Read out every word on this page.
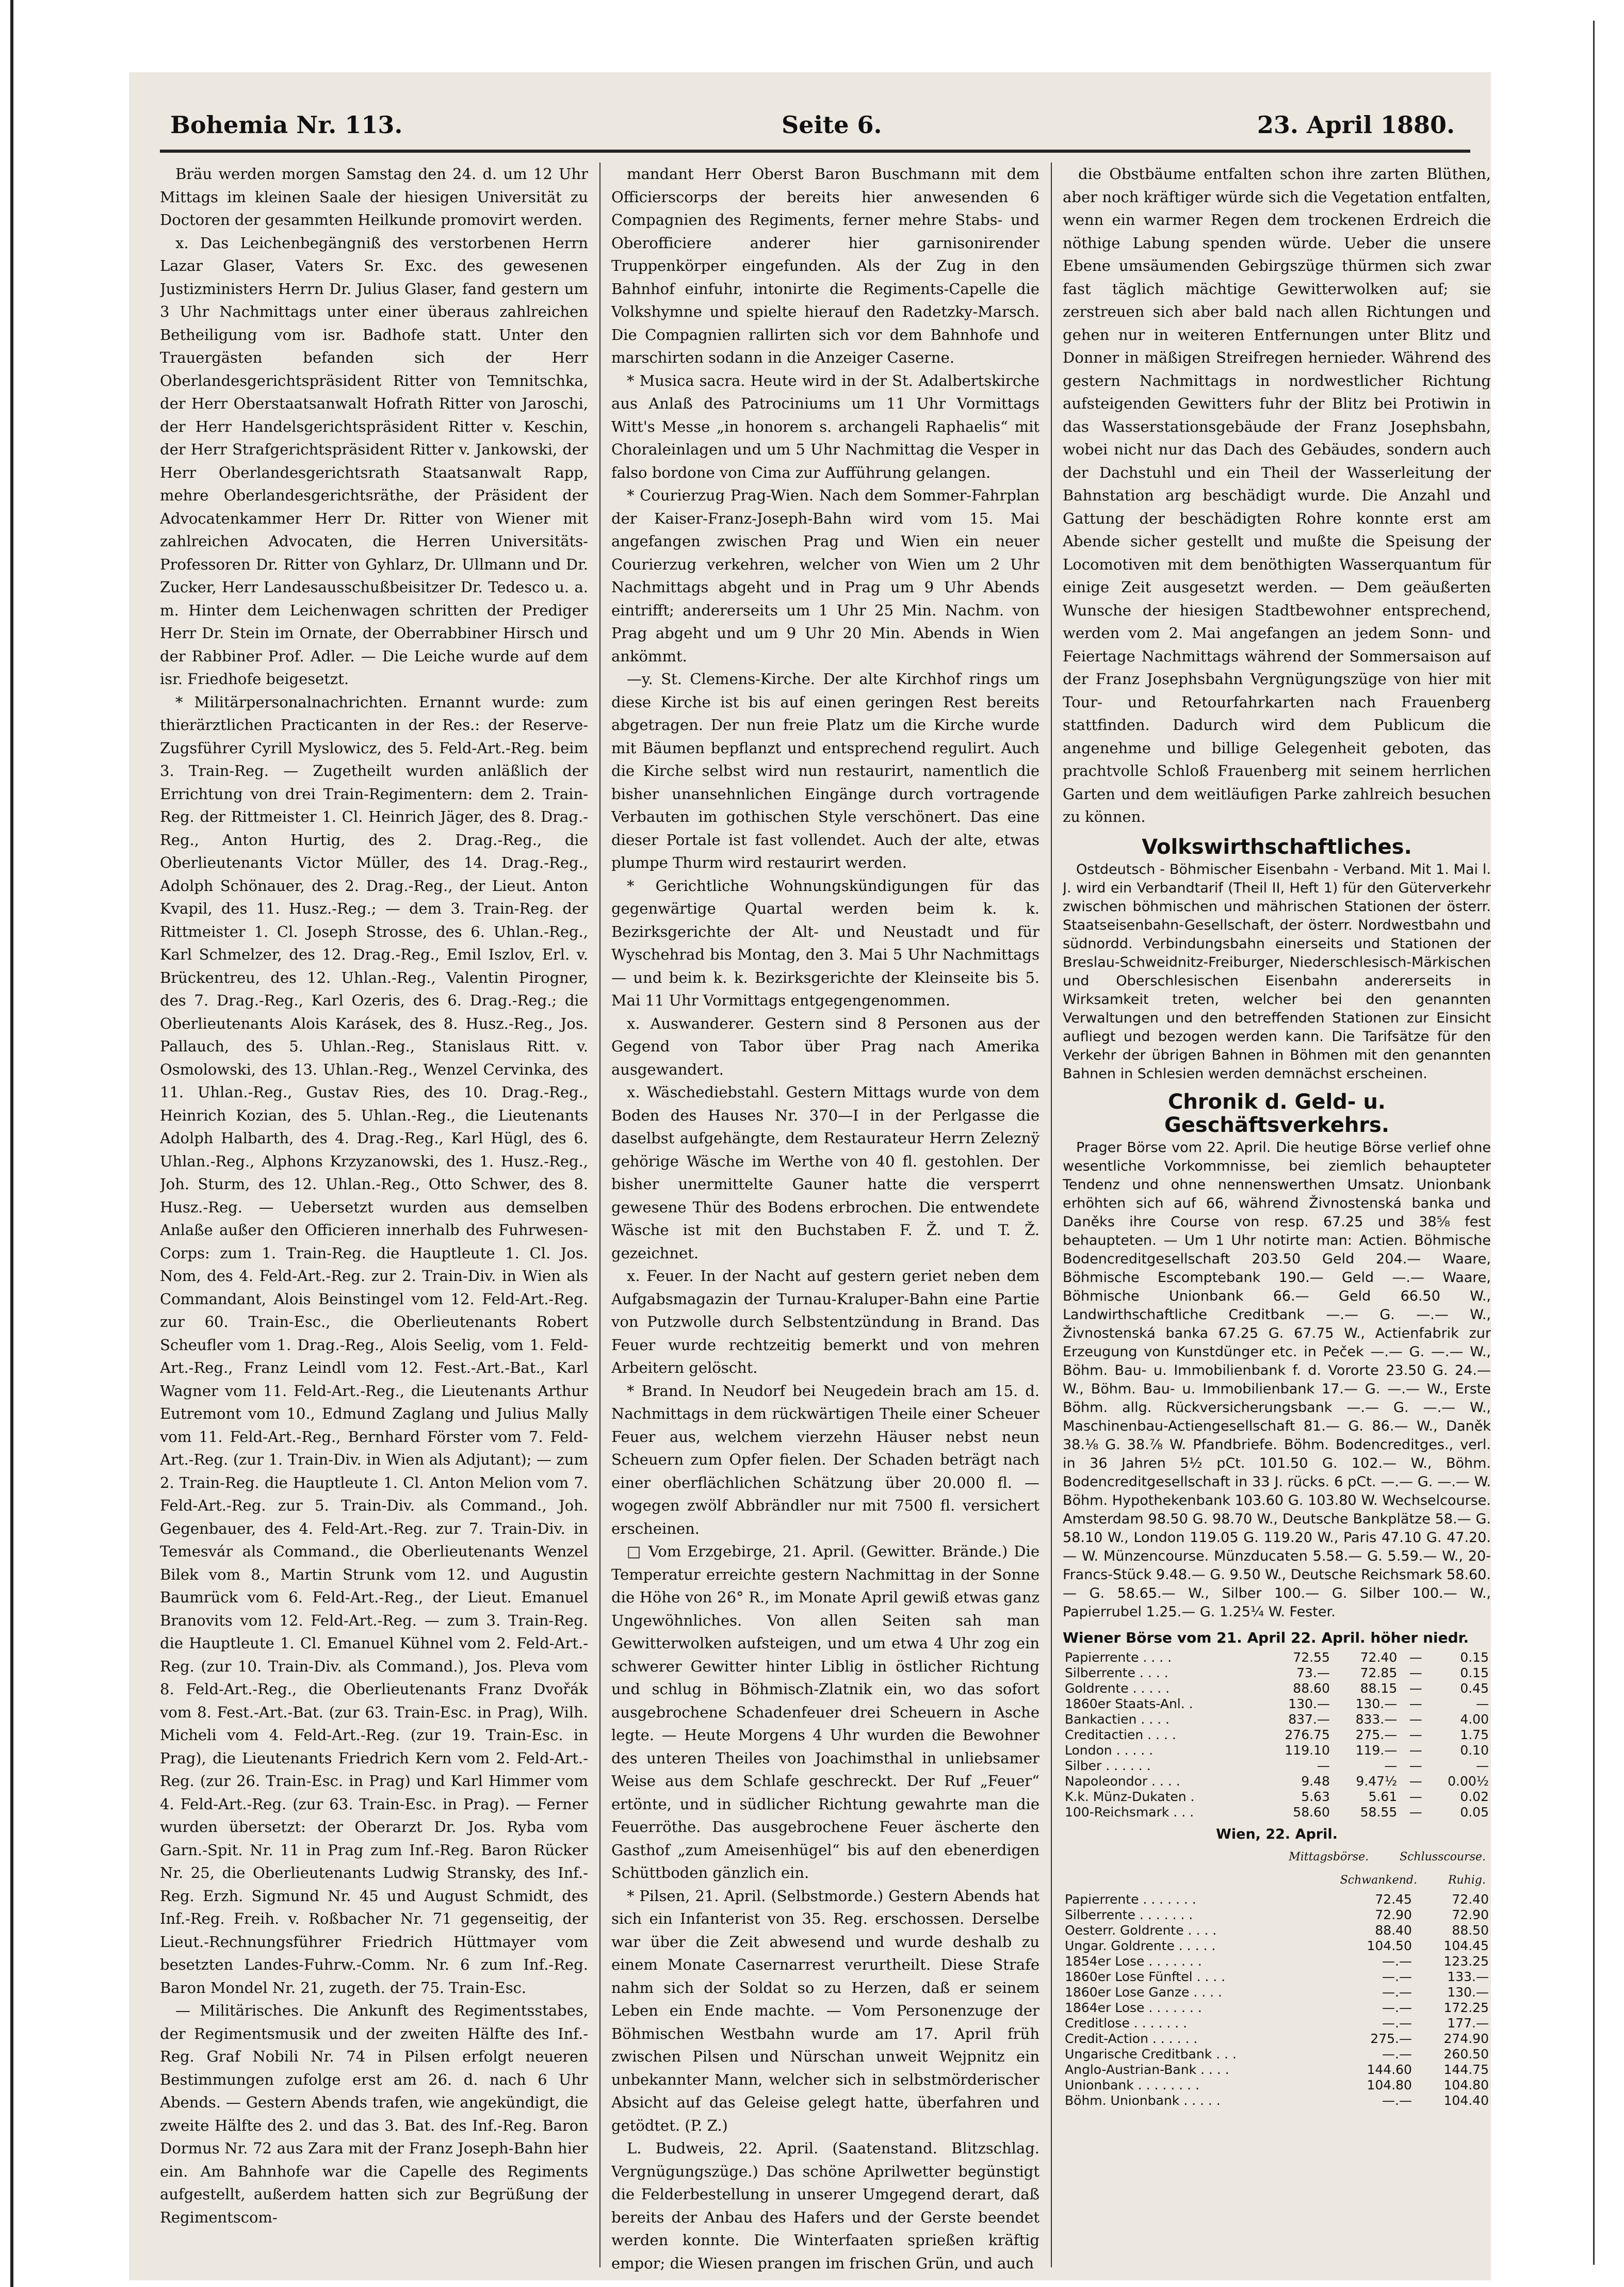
Bohemia Nr. 113.	Seite 6.	23. April 1880.

Bräu werden morgen Samstag den 24. d. um 12 Uhr Mittags im kleinen Saale der hiesigen Universität zu Doctoren der gesammten Heilkunde promovirt werden.

x. Das Leichenbegängniß des verstorbenen Herrn Lazar Glaser, Vaters Sr. Exc. des gewesenen Justizministers Herrn Dr. Julius Glaser, fand gestern um 3 Uhr Nachmittags unter einer überaus zahlreichen Betheiligung vom isr. Badhofe statt. Unter den Trauergästen befanden sich der Herr Oberlandesgerichtspräsident Ritter von Temnitschka, der Herr Oberstaatsanwalt Hofrath Ritter von Jaroschi, der Herr Handelsgerichtspräsident Ritter v. Keschin, der Herr Strafgerichtspräsident Ritter v. Jankowski, der Herr Oberlandesgerichtsrath Staatsanwalt Rapp, mehre Oberlandesgerichtsräthe, der Präsident der Advocatenkammer Herr Dr. Ritter von Wiener mit zahlreichen Advocaten, die Herren Universitäts-Professoren Dr. Ritter von Gyhlarz, Dr. Ullmann und Dr. Zucker, Herr Landesausschußbeisitzer Dr. Tedesco u. a. m. Hinter dem Leichenwagen schritten der Prediger Herr Dr. Stein im Ornate, der Oberrabbiner Hirsch und der Rabbiner Prof. Adler. — Die Leiche wurde auf dem isr. Friedhofe beigesetzt.

* Militärpersonalnachrichten. Ernannt wurde: zum thierärztlichen Practicanten in der Res.: der Reserve-Zugsführer Cyrill Myslowicz, des 5. Feld-Art.-Reg. beim 3. Train-Reg. — Zugetheilt wurden anläßlich der Errichtung von drei Train-Regimentern: dem 2. Train-Reg. der Rittmeister 1. Cl. Heinrich Jäger, des 8. Drag.-Reg., Anton Hurtig, des 2. Drag.-Reg., die Oberlieutenants Victor Müller, des 14. Drag.-Reg., Adolph Schönauer, des 2. Drag.-Reg., der Lieut. Anton Kvapil, des 11. Husz.-Reg.; — dem 3. Train-Reg. der Rittmeister 1. Cl. Joseph Strosse, des 6. Uhlan.-Reg., Karl Schmelzer, des 12. Drag.-Reg., Emil Iszlov, Erl. v. Brückentreu, des 12. Uhlan.-Reg., Valentin Pirogner, des 7. Drag.-Reg., Karl Ozeris, des 6. Drag.-Reg.; die Oberlieutenants Alois Karásek, des 8. Husz.-Reg., Jos. Pallauch, des 5. Uhlan.-Reg., Stanislaus Ritt. v. Osmolowski, des 13. Uhlan.-Reg., Wenzel Cervinka, des 11. Uhlan.-Reg., Gustav Ries, des 10. Drag.-Reg., Heinrich Kozian, des 5. Uhlan.-Reg., die Lieutenants Adolph Halbarth, des 4. Drag.-Reg., Karl Hügl, des 6. Uhlan.-Reg., Alphons Krzyzanowski, des 1. Husz.-Reg., Joh. Sturm, des 12. Uhlan.-Reg., Otto Schwer, des 8. Husz.-Reg. — Uebersetzt wurden aus demselben Anlaße außer den Officieren innerhalb des Fuhrwesen-Corps: zum 1. Train-Reg. die Hauptleute 1. Cl. Jos. Nom, des 4. Feld-Art.-Reg. zur 2. Train-Div. in Wien als Commandant, Alois Beinstingel vom 12. Feld-Art.-Reg. zur 60. Train-Esc., die Oberlieutenants Robert Scheufler vom 1. Drag.-Reg., Alois Seelig, vom 1. Feld-Art.-Reg., Franz Leindl vom 12. Fest.-Art.-Bat., Karl Wagner vom 11. Feld-Art.-Reg., die Lieutenants Arthur Eutremont vom 10., Edmund Zaglang und Julius Mally vom 11. Feld-Art.-Reg., Bernhard Förster vom 7. Feld-Art.-Reg. (zur 1. Train-Div. in Wien als Adjutant); — zum 2. Train-Reg. die Hauptleute 1. Cl. Anton Melion vom 7. Feld-Art.-Reg. zur 5. Train-Div. als Command., Joh. Gegenbauer, des 4. Feld-Art.-Reg. zur 7. Train-Div. in Temesvár als Command., die Oberlieutenants Wenzel Bilek vom 8., Martin Strunk vom 12. und Augustin Baumrück vom 6. Feld-Art.-Reg., der Lieut. Emanuel Branovits vom 12. Feld-Art.-Reg. — zum 3. Train-Reg. die Hauptleute 1. Cl. Emanuel Kühnel vom 2. Feld-Art.-Reg. (zur 10. Train-Div. als Command.), Jos. Pleva vom 8. Feld-Art.-Reg., die Oberlieutenants Franz Dvořák vom 8. Fest.-Art.-Bat. (zur 63. Train-Esc. in Prag), Wilh. Micheli vom 4. Feld-Art.-Reg. (zur 19. Train-Esc. in Prag), die Lieutenants Friedrich Kern vom 2. Feld-Art.-Reg. (zur 26. Train-Esc. in Prag) und Karl Himmer vom 4. Feld-Art.-Reg. (zur 63. Train-Esc. in Prag). — Ferner wurden übersetzt: der Oberarzt Dr. Jos. Ryba vom Garn.-Spit. Nr. 11 in Prag zum Inf.-Reg. Baron Rücker Nr. 25, die Oberlieutenants Ludwig Stransky, des Inf.-Reg. Erzh. Sigmund Nr. 45 und August Schmidt, des Inf.-Reg. Freih. v. Roßbacher Nr. 71 gegenseitig, der Lieut.-Rechnungsführer Friedrich Hüttmayer vom besetzten Landes-Fuhrw.-Comm. Nr. 6 zum Inf.-Reg. Baron Mondel Nr. 21, zugeth. der 75. Train-Esc.

— Militärisches. Die Ankunft des Regimentsstabes, der Regimentsmusik und der zweiten Hälfte des Inf.-Reg. Graf Nobili Nr. 74 in Pilsen erfolgt neueren Bestimmungen zufolge erst am 26. d. nach 6 Uhr Abends. — Gestern Abends trafen, wie angekündigt, die zweite Hälfte des 2. und das 3. Bat. des Inf.-Reg. Baron Dormus Nr. 72 aus Zara mit der Franz Joseph-Bahn hier ein. Am Bahnhofe war die Capelle des Regiments aufgestellt, außerdem hatten sich zur Begrüßung der Regimentscom-

mandant Herr Oberst Baron Buschmann mit dem Officierscorps der bereits hier anwesenden 6 Compagnien des Regiments, ferner mehre Stabs- und Oberofficiere anderer hier garnisonirender Truppenkörper eingefunden. Als der Zug in den Bahnhof einfuhr, intonirte die Regiments-Capelle die Volkshymne und spielte hierauf den Radetzky-Marsch. Die Compagnien rallirten sich vor dem Bahnhofe und marschirten sodann in die Anzeiger Caserne.

* Musica sacra. Heute wird in der St. Adalbertskirche aus Anlaß des Patrociniums um 11 Uhr Vormittags Witt's Messe „in honorem s. archangeli Raphaelis“ mit Choraleinlagen und um 5 Uhr Nachmittag die Vesper in falso bordone von Cima zur Aufführung gelangen.

* Courierzug Prag-Wien. Nach dem Sommer-Fahrplan der Kaiser-Franz-Joseph-Bahn wird vom 15. Mai angefangen zwischen Prag und Wien ein neuer Courierzug verkehren, welcher von Wien um 2 Uhr Nachmittags abgeht und in Prag um 9 Uhr Abends eintrifft; andererseits um 1 Uhr 25 Min. Nachm. von Prag abgeht und um 9 Uhr 20 Min. Abends in Wien ankömmt.

—y. St. Clemens-Kirche. Der alte Kirchhof rings um diese Kirche ist bis auf einen geringen Rest bereits abgetragen. Der nun freie Platz um die Kirche wurde mit Bäumen bepflanzt und entsprechend regulirt. Auch die Kirche selbst wird nun restaurirt, namentlich die bisher unansehnlichen Eingänge durch vortragende Verbauten im gothischen Style verschönert. Das eine dieser Portale ist fast vollendet. Auch der alte, etwas plumpe Thurm wird restaurirt werden.

* Gerichtliche Wohnungskündigungen für das gegenwärtige Quartal werden beim k. k. Bezirksgerichte der Alt- und Neustadt und für Wyschehrad bis Montag, den 3. Mai 5 Uhr Nachmittags — und beim k. k. Bezirksgerichte der Kleinseite bis 5. Mai 11 Uhr Vormittags entgegengenommen.

x. Auswanderer. Gestern sind 8 Personen aus der Gegend von Tabor über Prag nach Amerika ausgewandert.

x. Wäschediebstahl. Gestern Mittags wurde von dem Boden des Hauses Nr. 370—I in der Perlgasse die daselbst aufgehängte, dem Restaurateur Herrn Zeleznÿ gehörige Wäsche im Werthe von 40 fl. gestohlen. Der bisher unermittelte Gauner hatte die versperrt gewesene Thür des Bodens erbrochen. Die entwendete Wäsche ist mit den Buchstaben F. Ž. und T. Ž. gezeichnet.

x. Feuer. In der Nacht auf gestern geriet neben dem Aufgabsmagazin der Turnau-Kraluper-Bahn eine Partie von Putzwolle durch Selbstentzündung in Brand. Das Feuer wurde rechtzeitig bemerkt und von mehren Arbeitern gelöscht.

* Brand. In Neudorf bei Neugedein brach am 15. d. Nachmittags in dem rückwärtigen Theile einer Scheuer Feuer aus, welchem vierzehn Häuser nebst neun Scheuern zum Opfer fielen. Der Schaden beträgt nach einer oberflächlichen Schätzung über 20.000 fl. — wogegen zwölf Abbrändler nur mit 7500 fl. versichert erscheinen.

□ Vom Erzgebirge, 21. April. (Gewitter. Brände.) Die Temperatur erreichte gestern Nachmittag in der Sonne die Höhe von 26° R., im Monate April gewiß etwas ganz Ungewöhnliches. Von allen Seiten sah man Gewitterwolken aufsteigen, und um etwa 4 Uhr zog ein schwerer Gewitter hinter Liblig in östlicher Richtung und schlug in Böhmisch-Zlatnik ein, wo das sofort ausgebrochene Schadenfeuer drei Scheuern in Asche legte. — Heute Morgens 4 Uhr wurden die Bewohner des unteren Theiles von Joachimsthal in unliebsamer Weise aus dem Schlafe geschreckt. Der Ruf „Feuer“ ertönte, und in südlicher Richtung gewahrte man die Feuerröthe. Das ausgebrochene Feuer äscherte den Gasthof „zum Ameisenhügel“ bis auf den ebenerdigen Schüttboden gänzlich ein.

* Pilsen, 21. April. (Selbstmorde.) Gestern Abends hat sich ein Infanterist von 35. Reg. erschossen. Derselbe war über die Zeit abwesend und wurde deshalb zu einem Monate Casernarrest verurtheilt. Diese Strafe nahm sich der Soldat so zu Herzen, daß er seinem Leben ein Ende machte. — Vom Personenzuge der Böhmischen Westbahn wurde am 17. April früh zwischen Pilsen und Nürschan unweit Wejpnitz ein unbekannter Mann, welcher sich in selbstmörderischer Absicht auf das Geleise gelegt hatte, überfahren und getödtet. (P. Z.)

L. Budweis, 22. April. (Saatenstand. Blitzschlag. Vergnügungszüge.) Das schöne Aprilwetter begünstigt die Felderbestellung in unserer Umgegend derart, daß bereits der Anbau des Hafers und der Gerste beendet werden konnte. Die Winterfaaten sprießen kräftig empor; die Wiesen prangen im frischen Grün, und auch

die Obstbäume entfalten schon ihre zarten Blüthen, aber noch kräftiger würde sich die Vegetation entfalten, wenn ein warmer Regen dem trockenen Erdreich die nöthige Labung spenden würde. Ueber die unsere Ebene umsäumenden Gebirgszüge thürmen sich zwar fast täglich mächtige Gewitterwolken auf; sie zerstreuen sich aber bald nach allen Richtungen und gehen nur in weiteren Entfernungen unter Blitz und Donner in mäßigen Streifregen hernieder. Während des gestern Nachmittags in nordwestlicher Richtung aufsteigenden Gewitters fuhr der Blitz bei Protiwin in das Wasserstationsgebäude der Franz Josephsbahn, wobei nicht nur das Dach des Gebäudes, sondern auch der Dachstuhl und ein Theil der Wasserleitung der Bahnstation arg beschädigt wurde. Die Anzahl und Gattung der beschädigten Rohre konnte erst am Abende sicher gestellt und mußte die Speisung der Locomotiven mit dem benöthigten Wasserquantum für einige Zeit ausgesetzt werden. — Dem geäußerten Wunsche der hiesigen Stadtbewohner entsprechend, werden vom 2. Mai angefangen an jedem Sonn- und Feiertage Nachmittags während der Sommersaison auf der Franz Josephsbahn Vergnügungszüge von hier mit Tour- und Retourfahrkarten nach Frauenberg stattfinden. Dadurch wird dem Publicum die angenehme und billige Gelegenheit geboten, das prachtvolle Schloß Frauenberg mit seinem herrlichen Garten und dem weitläufigen Parke zahlreich besuchen zu können.

Volkswirthschaftliches.

Ostdeutsch - Böhmischer Eisenbahn - Verband. Mit 1. Mai l. J. wird ein Verbandtarif (Theil II, Heft 1) für den Güterverkehr zwischen böhmischen und mährischen Stationen der österr. Staatseisenbahn-Gesellschaft, der österr. Nordwestbahn und südnordd. Verbindungsbahn einerseits und Stationen der Breslau-Schweidnitz-Freiburger, Niederschlesisch-Märkischen und Oberschlesischen Eisenbahn andererseits in Wirksamkeit treten, welcher bei den genannten Verwaltungen und den betreffenden Stationen zur Einsicht aufliegt und bezogen werden kann. Die Tarifsätze für den Verkehr der übrigen Bahnen in Böhmen mit den genannten Bahnen in Schlesien werden demnächst erscheinen.

Chronik d. Geld- u. Geschäftsverkehrs.

Prager Börse vom 22. April. Die heutige Börse verlief ohne wesentliche Vorkommnisse, bei ziemlich behaupteter Tendenz und ohne nennenswerthen Umsatz. Unionbank erhöhten sich auf 66, während Živnostenská banka und Daněks ihre Course von resp. 67.25 und 38⅝ fest behaupteten. — Um 1 Uhr notirte man: Actien. Böhmische Bodencreditgesellschaft 203.50 Geld 204.— Waare, Böhmische Escomptebank 190.— Geld —.— Waare, Böhmische Unionbank 66.— Geld 66.50 W., Landwirthschaftliche Creditbank —.— G. —.— W., Živnostenská banka 67.25 G. 67.75 W., Actienfabrik zur Erzeugung von Kunstdünger etc. in Peček —.— G. —.— W., Böhm. Bau- u. Immobilienbank f. d. Vororte 23.50 G. 24.— W., Böhm. Bau- u. Immobilienbank 17.— G. —.— W., Erste Böhm. allg. Rückversicherungsbank —.— G. —.— W., Maschinenbau-Actiengesellschaft 81.— G. 86.— W., Daněk 38.⅛ G. 38.⅞ W. Pfandbriefe. Böhm. Bodencreditges., verl. in 36 Jahren 5½ pCt. 101.50 G. 102.— W., Böhm. Bodencreditgesellschaft in 33 J. rücks. 6 pCt. —.— G. —.— W. Böhm. Hypothekenbank 103.60 G. 103.80 W. Wechselcourse. Amsterdam 98.50 G. 98.70 W., Deutsche Bankplätze 58.— G. 58.10 W., London 119.05 G. 119.20 W., Paris 47.10 G. 47.20.— W. Münzencourse. Münzducaten 5.58.— G. 5.59.— W., 20-Francs-Stück 9.48.— G. 9.50 W., Deutsche Reichsmark 58.60.— G. 58.65.— W., Silber 100.— G. Silber 100.— W., Papierrubel 1.25.— G. 1.25¼ W. Fester.

Wiener Börse vom 21. April 22. April. höher niedr.
Papierrente . . . .	72.55	72.40	—	0.15
Silberrente . . . .	73.—	72.85	—	0.15
Goldrente . . . . .	88.60	88.15	—	0.45
1860er Staats-Anl. .	130.—	130.—	—	—
Bankactien . . . .	837.—	833.—	—	4.00
Creditactien . . . .	276.75	275.—	—	1.75
London . . . . .	119.10	119.—	—	0.10
Silber . . . . . .	—	—	—	—
Napoleondor . . . .	9.48	9.47½	—	0.00½
K.k. Münz-Dukaten .	5.63	5.61	—	0.02
100-Reichsmark . . .	58.60	58.55	—	0.05
Wien, 22. April.
Mittagsbörse.	Schlusscourse.
Schwankend.	Ruhig.
Papierrente . . . . . . .	72.45	72.40
Silberrente . . . . . . .	72.90	72.90
Oesterr. Goldrente . . . .	88.40	88.50
Ungar. Goldrente . . . . .	104.50	104.45
1854er Lose . . . . . . .	—.—	123.25
1860er Lose Fünftel . . . .	—.—	133.—
1860er Lose Ganze . . . .	—.—	130.—
1864er Lose . . . . . . .	—.—	172.25
Creditlose . . . . . . .	—.—	177.—
Credit-Action . . . . . .	275.—	274.90
Ungarische Creditbank . . .	—.—	260.50
Anglo-Austrian-Bank . . . .	144.60	144.75
Unionbank . . . . . . . .	104.80	104.80
Böhm. Unionbank . . . . .	—.—	104.40
